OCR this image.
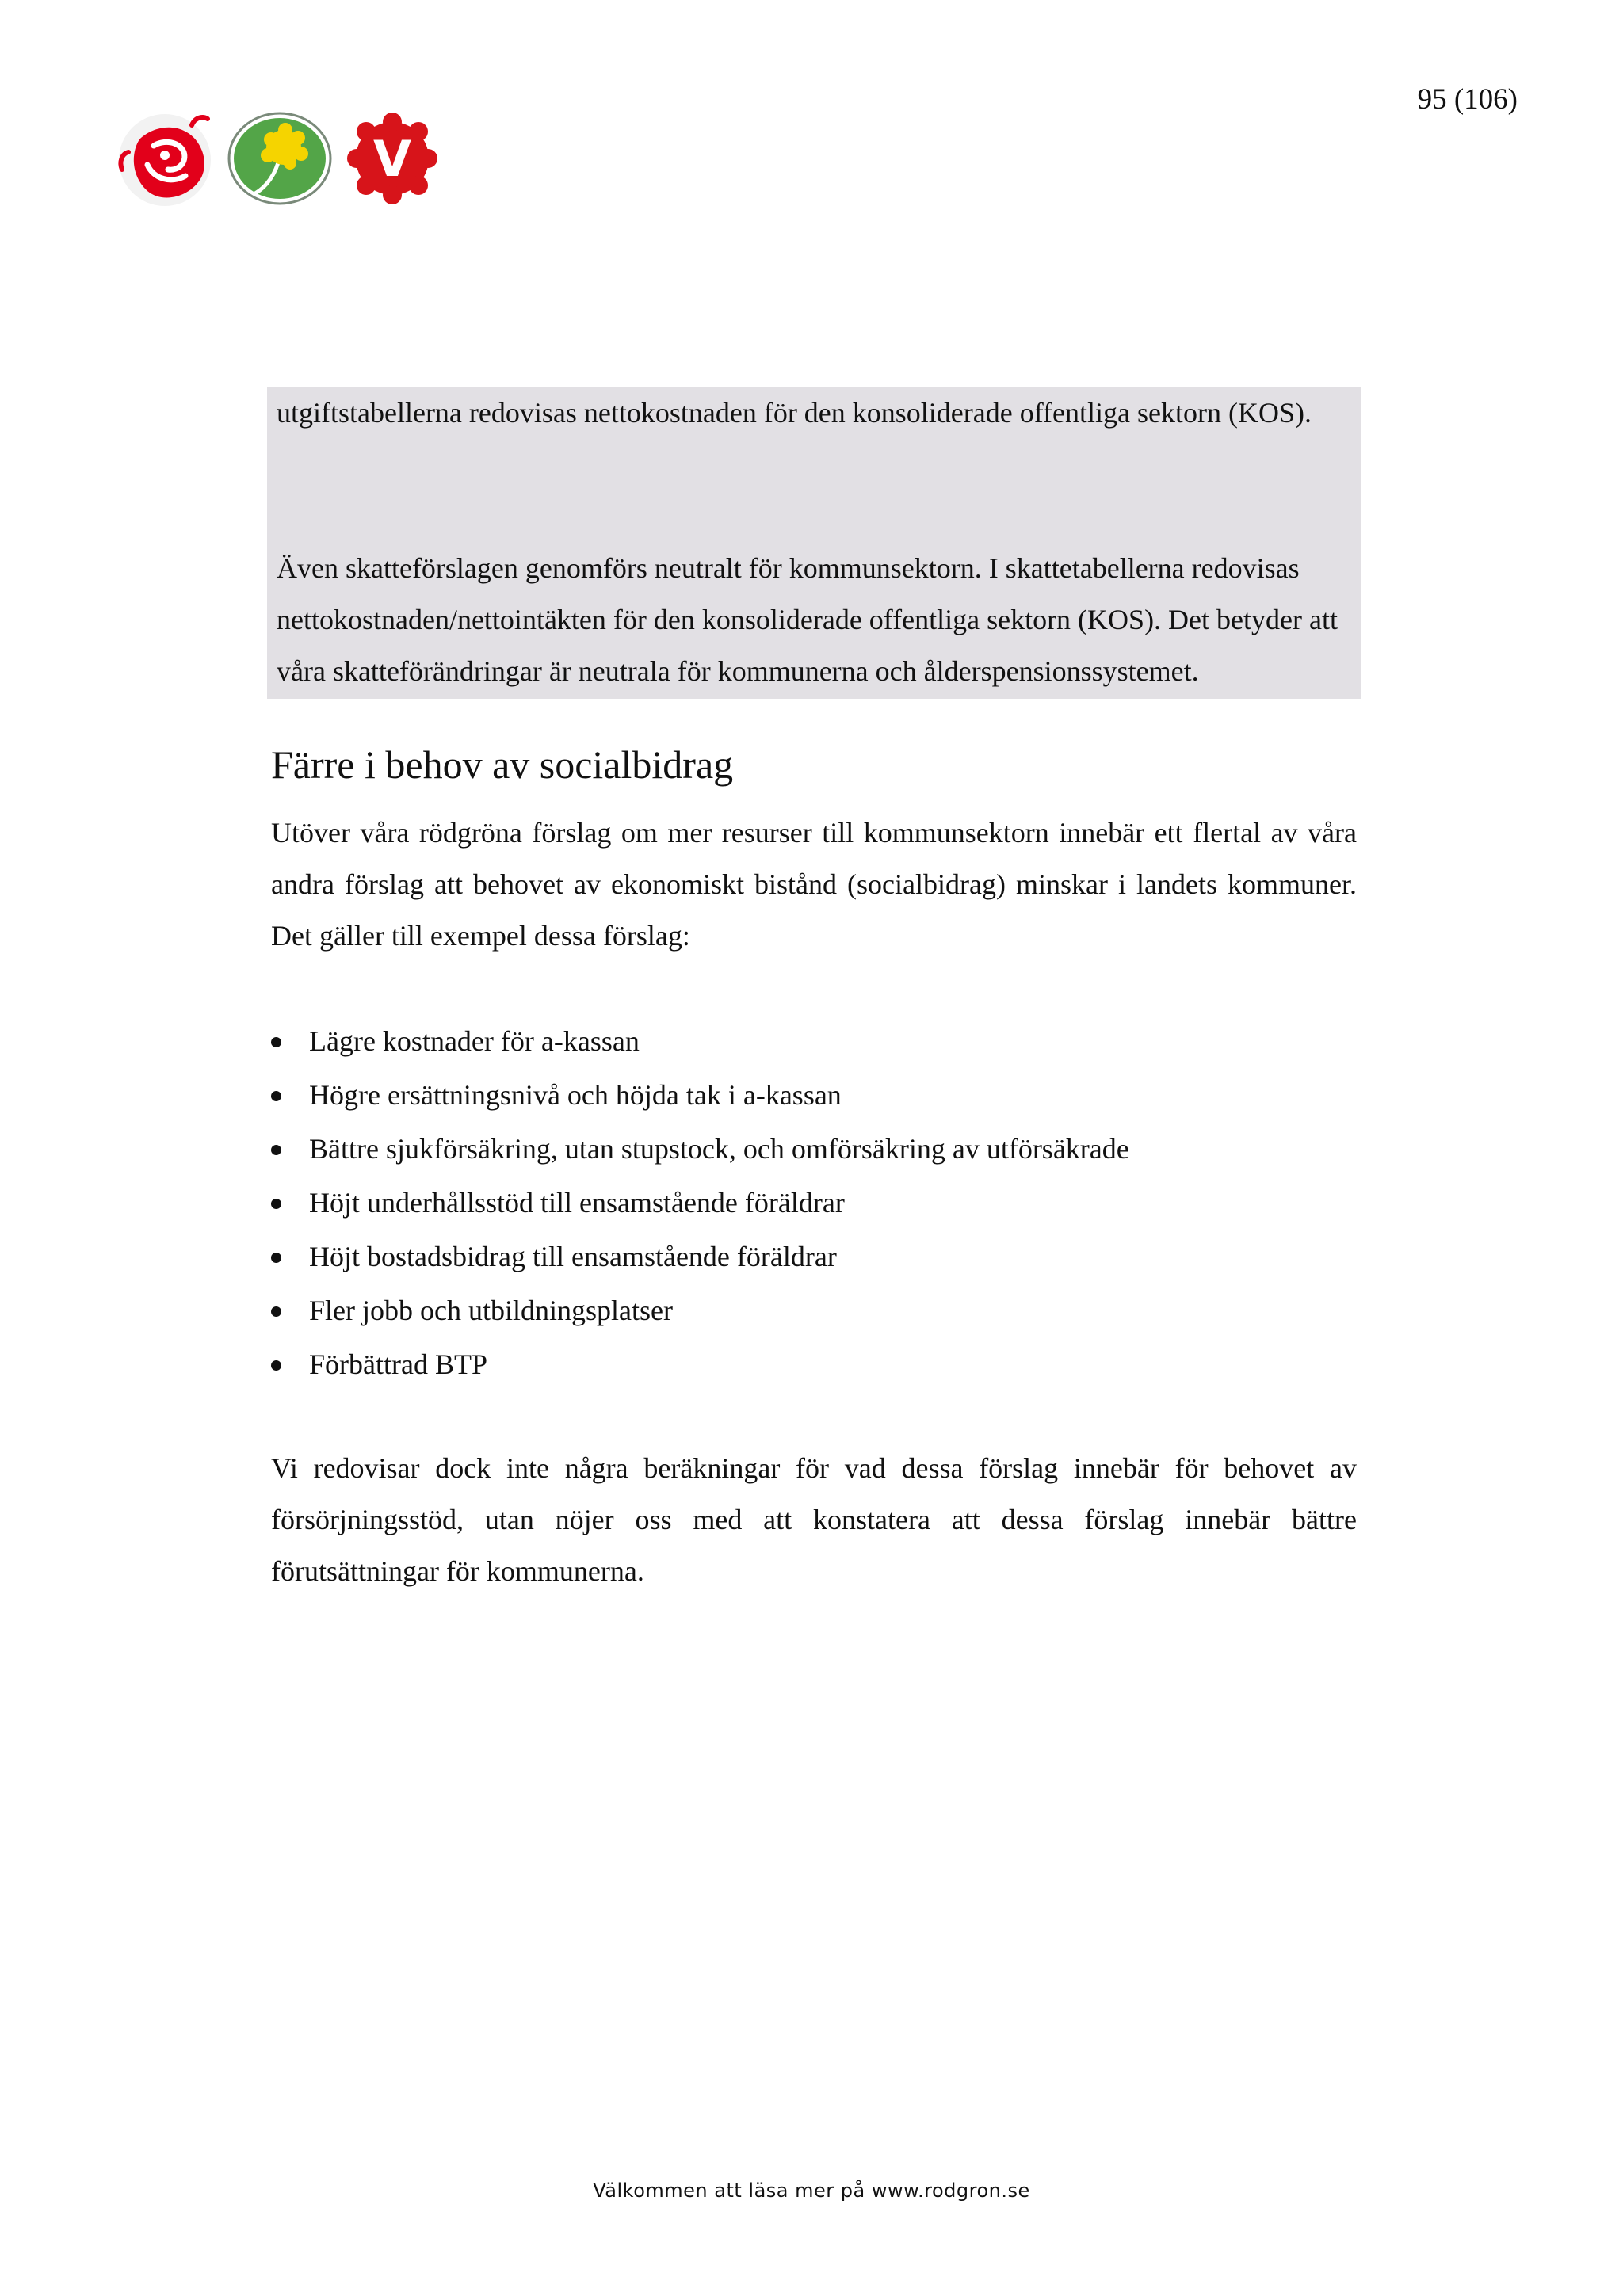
95 (106)
V

utgiftstabellerna redovisas nettokostnaden för den konsoliderade offentliga sektorn (KOS).

Även skatteförslagen genomförs neutralt för kommunsektorn. I skattetabellerna redovisas nettokostnaden/nettointäkten för den konsoliderade offentliga sektorn (KOS). Det betyder att våra skatteförändringar är neutrala för kommunerna och ålderspensionssystemet.

Färre i behov av socialbidrag

Utöver våra rödgröna förslag om mer resurser till kommunsektorn innebär ett flertal av våra andra förslag att behovet av ekonomiskt bistånd (socialbidrag) minskar i landets kommuner. Det gäller till exempel dessa förslag:

Lägre kostnader för a-kassan
Högre ersättningsnivå och höjda tak i a-kassan
Bättre sjukförsäkring, utan stupstock, och omförsäkring av utförsäkrade
Höjt underhållsstöd till ensamstående föräldrar
Höjt bostadsbidrag till ensamstående föräldrar
Fler jobb och utbildningsplatser
Förbättrad BTP

Vi redovisar dock inte några beräkningar för vad dessa förslag innebär för behovet av försörjningsstöd, utan nöjer oss med att konstatera att dessa förslag innebär bättre förutsättningar för kommunerna.

Välkommen att läsa mer på www.rodgron.se
